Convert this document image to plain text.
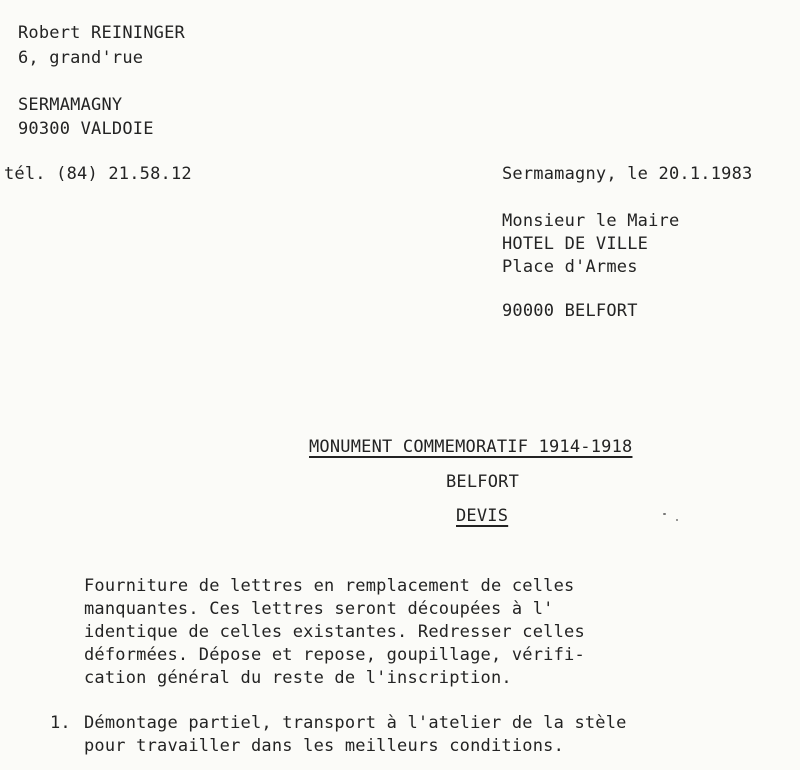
Robert REININGER
6, grand'rue
SERMAMAGNY
90300 VALDOIE
tél. (84) 21.58.12	Sermamagny, le 20.1.1983
Monsieur le Maire
HOTEL DE VILLE
Place d'Armes
90000 BELFORT
MONUMENT COMMEMORATIF 1914-1918
BELFORT
DEVIS
Fourniture de lettres en remplacement de celles
manquantes. Ces lettres seront découpées à l'
identique de celles existantes. Redresser celles
déformées. Dépose et repose, goupillage, vérifi-
cation général du reste de l'inscription.
1. Démontage partiel, transport à l'atelier de la stèle
pour travailler dans les meilleurs conditions.
